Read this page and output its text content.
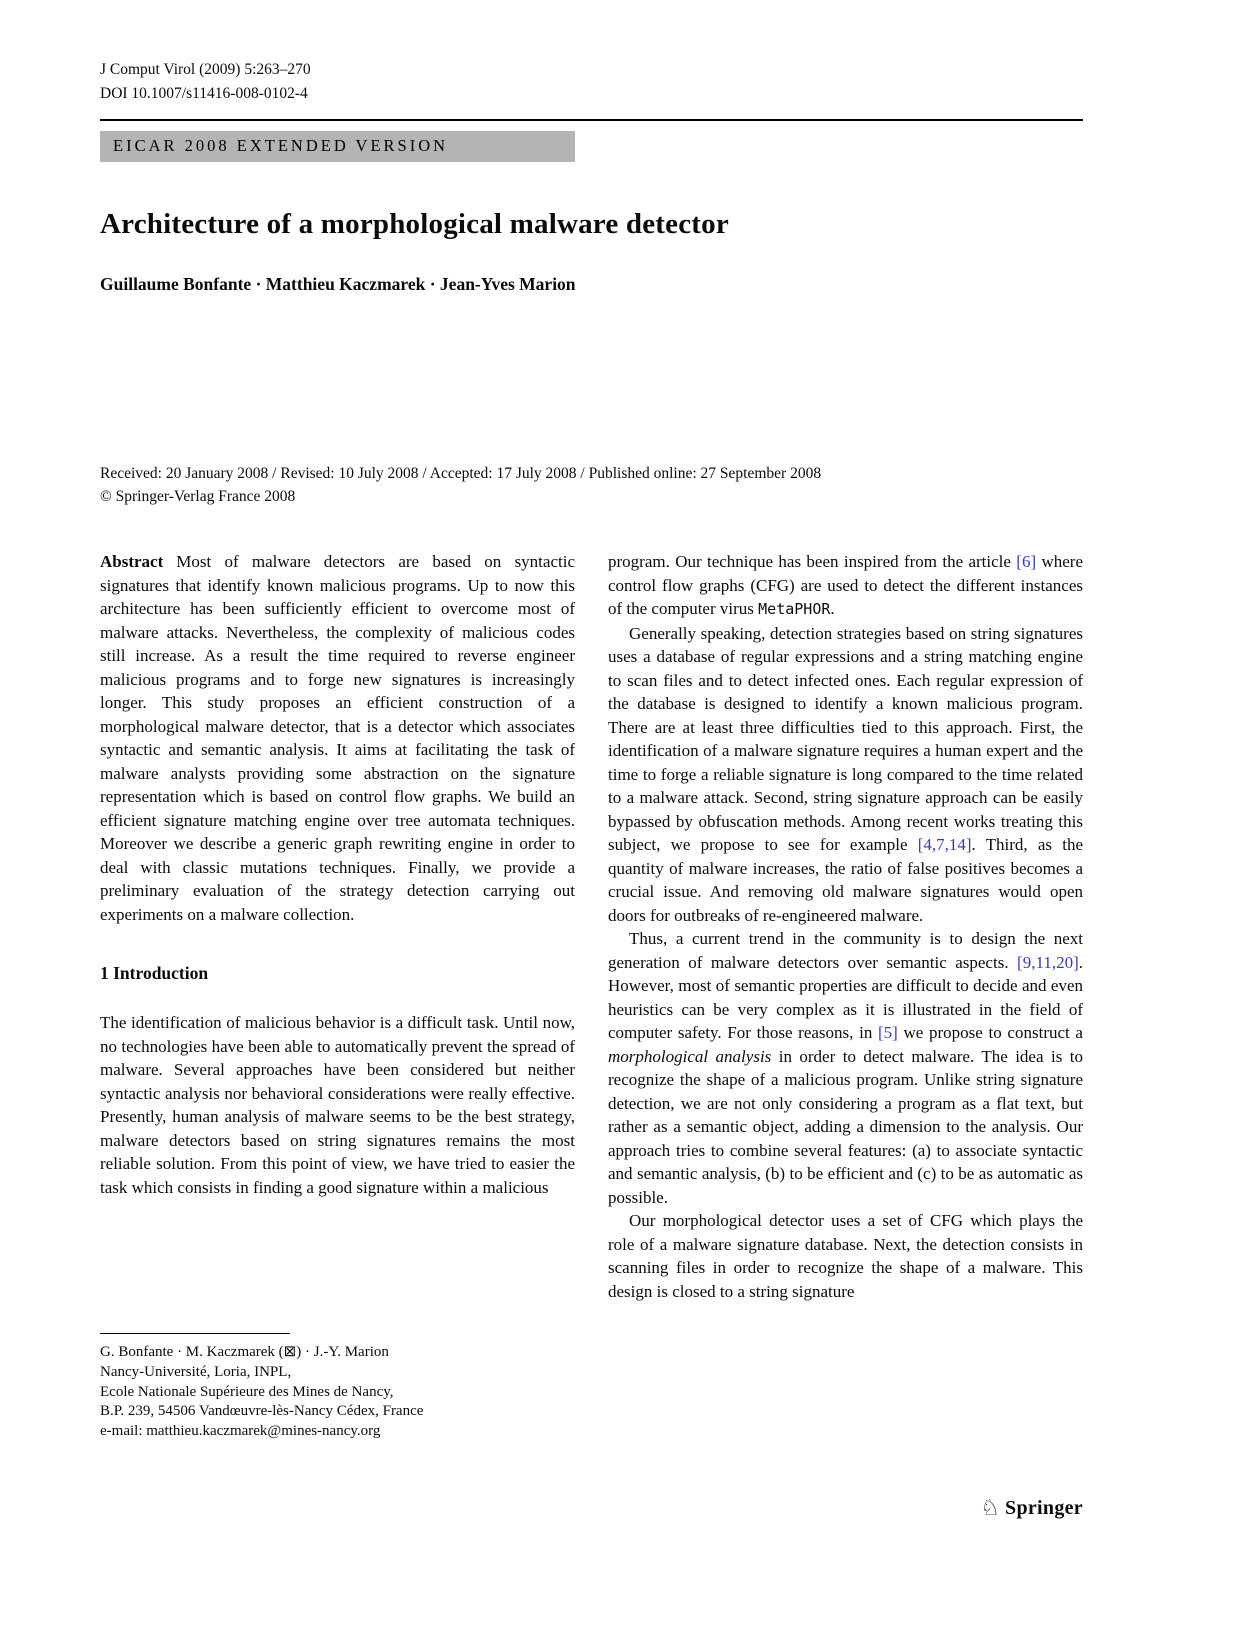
J Comput Virol (2009) 5:263–270
DOI 10.1007/s11416-008-0102-4
EICAR 2008 EXTENDED VERSION
Architecture of a morphological malware detector
Guillaume Bonfante · Matthieu Kaczmarek · Jean-Yves Marion
Received: 20 January 2008 / Revised: 10 July 2008 / Accepted: 17 July 2008 / Published online: 27 September 2008
© Springer-Verlag France 2008

Abstract Most of malware detectors are based on syntactic signatures that identify known malicious programs. Up to now this architecture has been sufficiently efficient to overcome most of malware attacks. Nevertheless, the complexity of malicious codes still increase. As a result the time required to reverse engineer malicious programs and to forge new signatures is increasingly longer. This study proposes an efficient construction of a morphological malware detector, that is a detector which associates syntactic and semantic analysis. It aims at facilitating the task of malware analysts providing some abstraction on the signature representation which is based on control flow graphs. We build an efficient signature matching engine over tree automata techniques. Moreover we describe a generic graph rewriting engine in order to deal with classic mutations techniques. Finally, we provide a preliminary evaluation of the strategy detection carrying out experiments on a malware collection.

1 Introduction

The identification of malicious behavior is a difficult task. Until now, no technologies have been able to automatically prevent the spread of malware. Several approaches have been considered but neither syntactic analysis nor behavioral considerations were really effective. Presently, human analysis of malware seems to be the best strategy, malware detectors based on string signatures remains the most reliable solution. From this point of view, we have tried to easier the task which consists in finding a good signature within a malicious

G. Bonfante · M. Kaczmarek (⊠) · J.-Y. Marion
Nancy-Université, Loria, INPL,
Ecole Nationale Supérieure des Mines de Nancy,
B.P. 239, 54506 Vandœuvre-lès-Nancy Cédex, France
e-mail: matthieu.kaczmarek@mines-nancy.org

program. Our technique has been inspired from the article [6] where control flow graphs (CFG) are used to detect the different instances of the computer virus MetaPHOR.

Generally speaking, detection strategies based on string signatures uses a database of regular expressions and a string matching engine to scan files and to detect infected ones. Each regular expression of the database is designed to identify a known malicious program. There are at least three difficulties tied to this approach. First, the identification of a malware signature requires a human expert and the time to forge a reliable signature is long compared to the time related to a malware attack. Second, string signature approach can be easily bypassed by obfuscation methods. Among recent works treating this subject, we propose to see for example [4,7,14]. Third, as the quantity of malware increases, the ratio of false positives becomes a crucial issue. And removing old malware signatures would open doors for outbreaks of re-engineered malware.

Thus, a current trend in the community is to design the next generation of malware detectors over semantic aspects. [9,11,20]. However, most of semantic properties are difficult to decide and even heuristics can be very complex as it is illustrated in the field of computer safety. For those reasons, in [5] we propose to construct a morphological analysis in order to detect malware. The idea is to recognize the shape of a malicious program. Unlike string signature detection, we are not only considering a program as a flat text, but rather as a semantic object, adding a dimension to the analysis. Our approach tries to combine several features: (a) to associate syntactic and semantic analysis, (b) to be efficient and (c) to be as automatic as possible.

Our morphological detector uses a set of CFG which plays the role of a malware signature database. Next, the detection consists in scanning files in order to recognize the shape of a malware. This design is closed to a string signature

♘ Springer
